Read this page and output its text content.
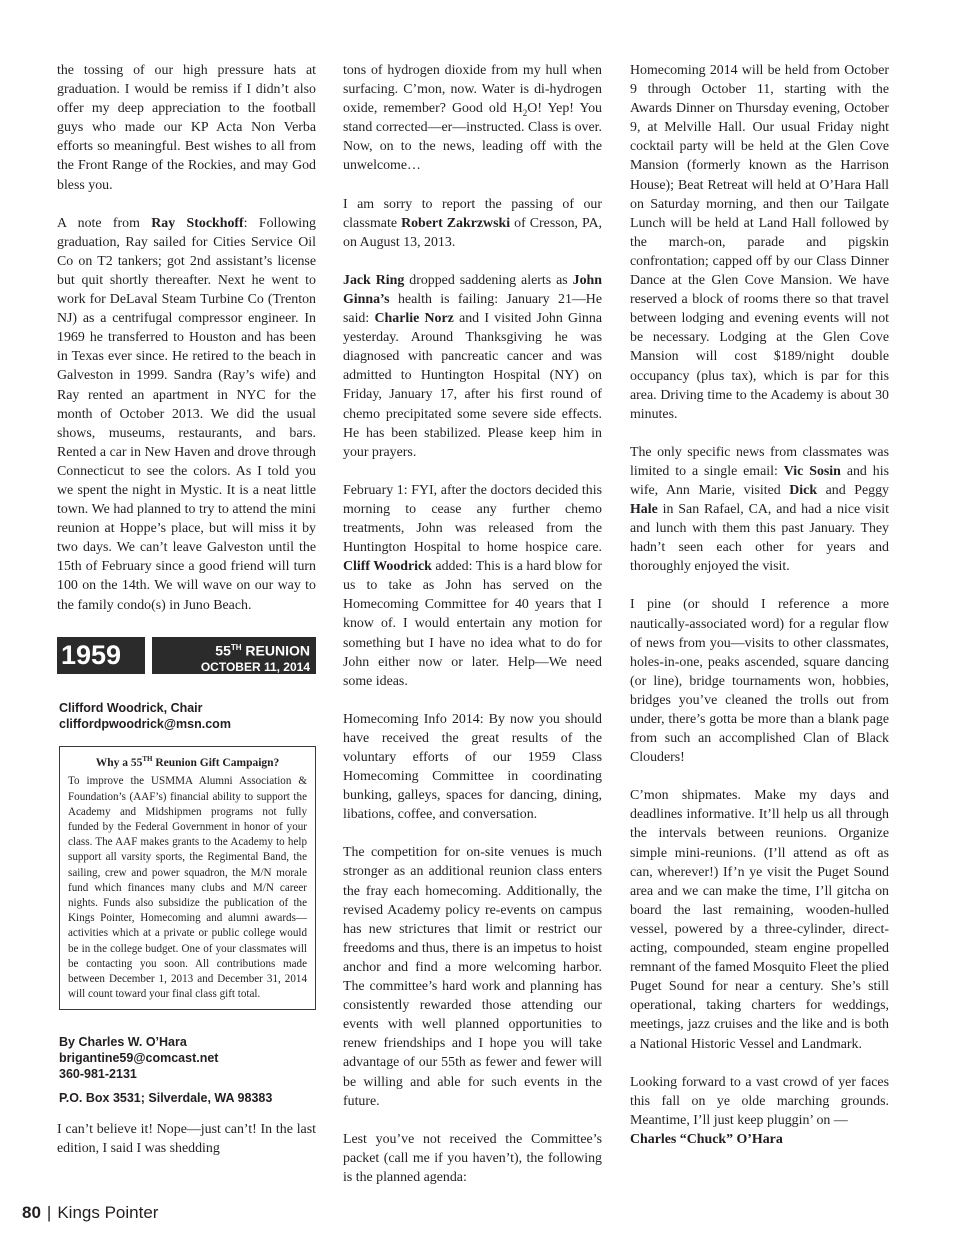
the tossing of our high pressure hats at graduation. I would be remiss if I didn’t also offer my deep appreciation to the football guys who made our KP Acta Non Verba efforts so meaningful. Best wishes to all from the Front Range of the Rockies, and may God bless you.

A note from Ray Stockhoff: Following graduation, Ray sailed for Cities Service Oil Co on T2 tankers; got 2nd assistant’s license but quit shortly thereafter. Next he went to work for DeLaval Steam Turbine Co (Trenton NJ) as a centrifugal compressor engineer. In 1969 he transferred to Houston and has been in Texas ever since. He retired to the beach in Galveston in 1999. Sandra (Ray’s wife) and Ray rented an apartment in NYC for the month of October 2013. We did the usual shows, museums, restaurants, and bars. Rented a car in New Haven and drove through Connecticut to see the colors. As I told you we spent the night in Mystic. It is a neat little town. We had planned to try to attend the mini reunion at Hoppe’s place, but will miss it by two days. We can’t leave Galveston until the 15th of February since a good friend will turn 100 on the 14th. We will wave on our way to the family condo(s) in Juno Beach.

1959	55TH REUNION
OCTOBER 11, 2014
Clifford Woodrick, Chair
cliffordpwoodrick@msn.com
Why a 55TH Reunion Gift Campaign?
To improve the USMMA Alumni Association & Foundation’s (AAF’s) financial ability to support the Academy and Midshipmen programs not fully funded by the Federal Government in honor of your class. The AAF makes grants to the Academy to help support all varsity sports, the Regimental Band, the sailing, crew and power squadron, the M/N morale fund which finances many clubs and M/N career nights. Funds also subsidize the publication of the Kings Pointer, Homecoming and alumni awards—activities which at a private or public college would be in the college budget. One of your classmates will be contacting you soon. All contributions made between December 1, 2013 and December 31, 2014 will count toward your final class gift total.
By Charles W. O’Hara
brigantine59@comcast.net
360-981-2131
P.O. Box 3531; Silverdale, WA 98383

I can’t believe it! Nope—just can’t! In the last edition, I said I was shedding

tons of hydrogen dioxide from my hull when surfacing. C’mon, now. Water is di-hydrogen oxide, remember? Good old $H_2O$! Yep! You stand corrected—er—instructed. Class is over. Now, on to the news, leading off with the unwelcome…

I am sorry to report the passing of our classmate Robert Zakrzwski of Cresson, PA, on August 13, 2013.

Jack Ring dropped saddening alerts as John Ginna’s health is failing: January 21—He said: Charlie Norz and I visited John Ginna yesterday. Around Thanksgiving he was diagnosed with pancreatic cancer and was admitted to Huntington Hospital (NY) on Friday, January 17, after his first round of chemo precipitated some severe side effects. He has been stabilized. Please keep him in your prayers.

February 1: FYI, after the doctors decided this morning to cease any further chemo treatments, John was released from the Huntington Hospital to home hospice care. Cliff Woodrick added: This is a hard blow for us to take as John has served on the Homecoming Committee for 40 years that I know of. I would entertain any motion for something but I have no idea what to do for John either now or later. Help—We need some ideas.

Homecoming Info 2014: By now you should have received the great results of the voluntary efforts of our 1959 Class Homecoming Committee in coordinating bunking, galleys, spaces for dancing, dining, libations, coffee, and conversation.

The competition for on-site venues is much stronger as an additional reunion class enters the fray each homecoming. Additionally, the revised Academy policy re-events on campus has new strictures that limit or restrict our freedoms and thus, there is an impetus to hoist anchor and find a more welcoming harbor. The committee’s hard work and planning has consistently rewarded those attending our events with well planned opportunities to renew friendships and I hope you will take advantage of our 55th as fewer and fewer will be willing and able for such events in the future.

Lest you’ve not received the Committee’s packet (call me if you haven’t), the following is the planned agenda:

Homecoming 2014 will be held from October 9 through October 11, starting with the Awards Dinner on Thursday evening, October 9, at Melville Hall. Our usual Friday night cocktail party will be held at the Glen Cove Mansion (formerly known as the Harrison House); Beat Retreat will held at O’Hara Hall on Saturday morning, and then our Tailgate Lunch will be held at Land Hall followed by the march-on, parade and pigskin confrontation; capped off by our Class Dinner Dance at the Glen Cove Mansion. We have reserved a block of rooms there so that travel between lodging and evening events will not be necessary. Lodging at the Glen Cove Mansion will cost $189/night double occupancy (plus tax), which is par for this area. Driving time to the Academy is about 30 minutes.

The only specific news from classmates was limited to a single email: Vic Sosin and his wife, Ann Marie, visited Dick and Peggy Hale in San Rafael, CA, and had a nice visit and lunch with them this past January. They hadn’t seen each other for years and thoroughly enjoyed the visit.

I pine (or should I reference a more nautically-associated word) for a regular flow of news from you—visits to other classmates, holes-in-one, peaks ascended, square dancing (or line), bridge tournaments won, hobbies, bridges you’ve cleaned the trolls out from under, there’s gotta be more than a blank page from such an accomplished Clan of Black Clouders!

C’mon shipmates. Make my days and deadlines informative. It’ll help us all through the intervals between reunions. Organize simple mini-reunions. (I’ll attend as oft as can, wherever!) If’n ye visit the Puget Sound area and we can make the time, I’ll gitcha on board the last remaining, wooden-hulled vessel, powered by a three-cylinder, direct-acting, compounded, steam engine propelled remnant of the famed Mosquito Fleet the plied Puget Sound for near a century. She’s still operational, taking charters for weddings, meetings, jazz cruises and the like and is both a National Historic Vessel and Landmark.

Looking forward to a vast crowd of yer faces this fall on ye olde marching grounds. Meantime, I’ll just keep pluggin’ on —
Charles “Chuck” O’Hara

80 | Kings Pointer
